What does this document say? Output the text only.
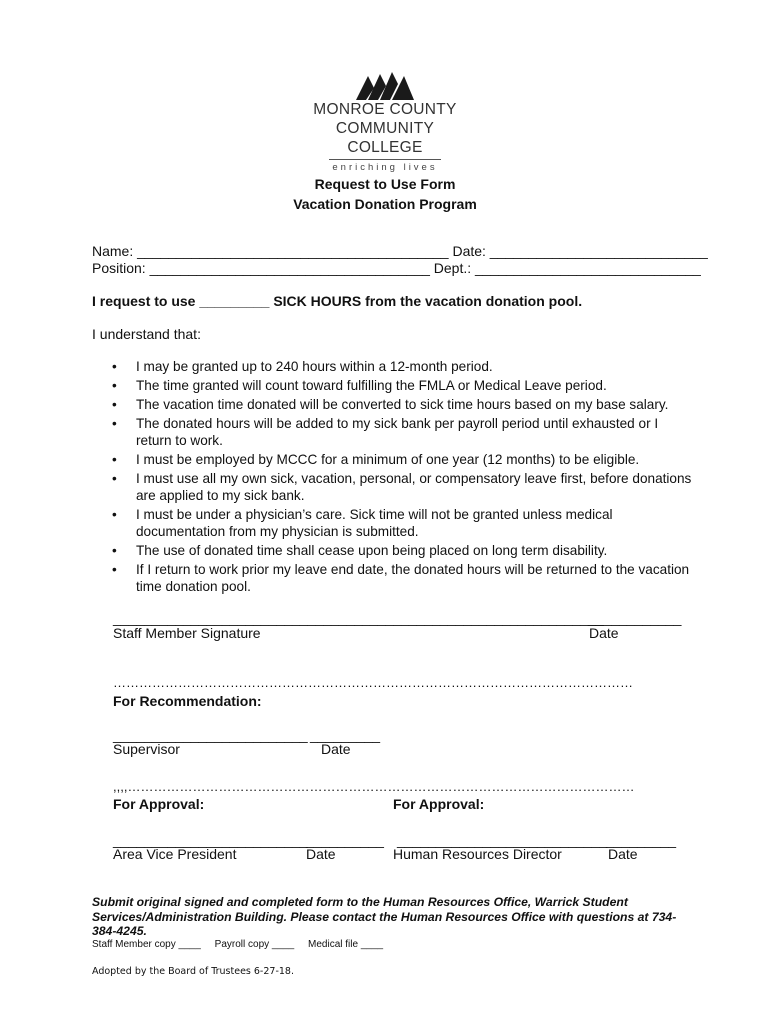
MONROE COUNTY
COMMUNITY COLLEGE
enriching lives
Request to Use Form
Vacation Donation Program
Name: ________________________________________ Date: ____________________________
Position: ____________________________________ Dept.: _____________________________
I request to use _________ SICK HOURS from the vacation donation pool.
I understand that:
• I may be granted up to 240 hours within a 12-month period.
• The time granted will count toward fulfilling the FMLA or Medical Leave period.
• The vacation time donated will be converted to sick time hours based on my base salary.
• The donated hours will be added to my sick bank per payroll period until exhausted or I return to work.
• I must be employed by MCCC for a minimum of one year (12 months) to be eligible.
• I must use all my own sick, vacation, personal, or compensatory leave first, before donations are applied to my sick bank.
• I must be under a physician’s care. Sick time will not be granted unless medical documentation from my physician is submitted.
• The use of donated time shall cease upon being placed on long term disability.
• If I return to work prior my leave end date, the donated hours will be returned to the vacation time donation pool.
_______________________________________________________________
____________
Staff Member Signature	Date
…………………………………………………………………………………………………………
For Recommendation:
_________________________ _________
Supervisor	Date
,,,,………………………………………………………………………………………………………
For Approval:	For Approval:
_________________________
__________ ___________________________
_________
Area Vice President	Date	Human Resources Director	Date
Submit original signed and completed form to the Human Resources Office, Warrick Student Services/Administration Building. Please contact the Human Resources Office with questions at 734-384-4245.
Staff Member copy ____     Payroll copy ____     Medical file ____
Adopted by the Board of Trustees 6-27-18.
